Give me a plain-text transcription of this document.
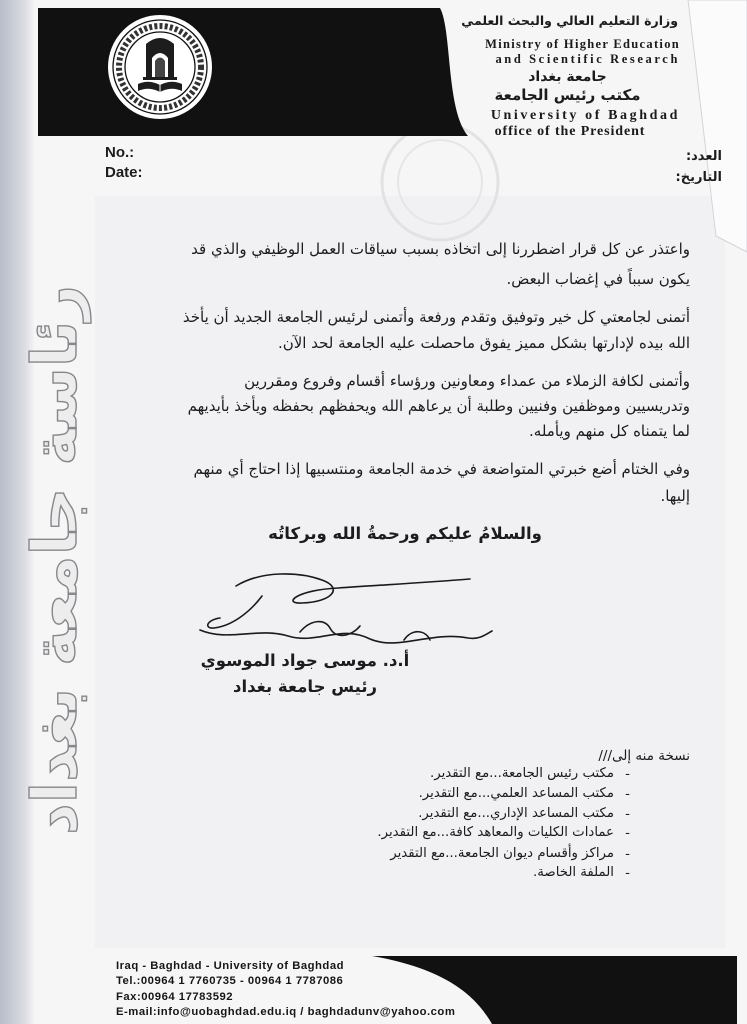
وزارة التعليم العالي والبحث العلمي
Ministry of Higher Education
and Scientific Research
جامعة بغداد
مكتب رئيس الجامعة
University of Baghdad
office of the President
No.:
Date:
العدد:
التاريخ:
رئاسة جامعة بغداد
واعتذر عن كل قرار اضطررنا إلى اتخاذه بسبب سياقات العمل الوظيفي والذي قد
يكون سبباً في إغضاب البعض.
أتمنى لجامعتي كل خير وتوفيق وتقدم ورفعة وأتمنى لرئيس الجامعة الجديد أن يأخذ
الله بيده لإدارتها بشكل مميز يفوق ماحصلت عليه الجامعة لحد الآن.
وأتمنى لكافة الزملاء من عمداء ومعاونين ورؤساء أقسام وفروع ومقررين
وتدريسيين وموظفين وفنيين وطلبة أن يرعاهم الله ويحفظهم بحفظه ويأخذ بأيديهم
لما يتمناه كل منهم ويأمله.
وفي الختام أضع خبرتي المتواضعة في خدمة الجامعة ومنتسبيها إذا احتاج أي منهم
إليها.
والسلامُ عليكم ورحمةُ الله وبركاتُه
أ.د. موسى جواد الموسوي
رئيس جامعة بغداد
نسخة منه إلى///
-
مكتب رئيس الجامعة...مع التقدير.
-
مكتب المساعد العلمي...مع التقدير.
-
مكتب المساعد الإداري...مع التقدير.
-
عمادات الكليات والمعاهد كافة...مع التقدير.
-
مراكز وأقسام ديوان الجامعة...مع التقدير
-
الملفة الخاصة.
Iraq - Baghdad - University of Baghdad
Tel.:00964 1 7760735 - 00964 1 7787086
Fax:00964 17783592
E-mail:info@uobaghdad.edu.iq / baghdadunv@yahoo.com
